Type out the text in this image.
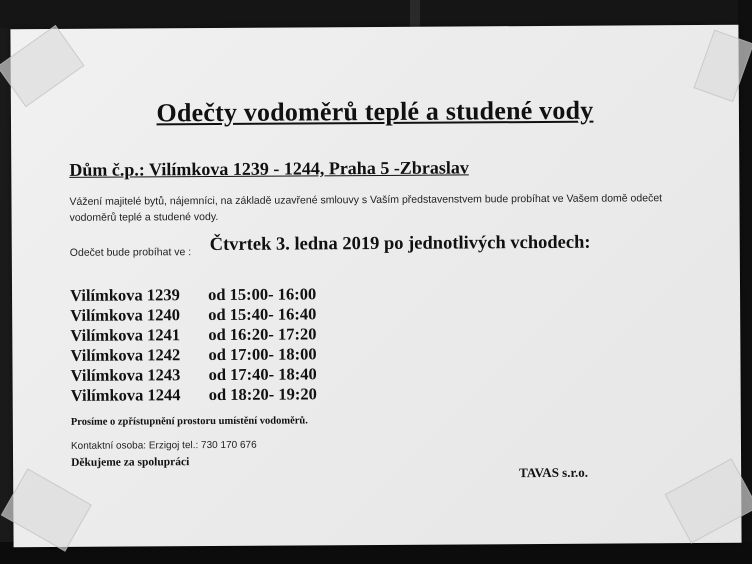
Odečty vodoměrů teplé a studené vody
Dům č.p.: Vilímkova 1239 - 1244, Praha 5 -Zbraslav
Vážení majitelé bytů, nájemníci, na základě uzavřené smlouvy s Vaším představenstvem bude probíhat ve Vašem domě odečet vodoměrů teplé a studené vody.
Odečet bude probíhat ve : Čtvrtek 3. ledna 2019 po jednotlivých vchodech:
Vilímkova 1239 od 15:00- 16:00
Vilímkova 1240 od 15:40- 16:40
Vilímkova 1241 od 16:20- 17:20
Vilímkova 1242 od 17:00- 18:00
Vilímkova 1243 od 17:40- 18:40
Vilímkova 1244 od 18:20- 19:20
Prosíme o zpřístupnění prostoru umístění vodoměrů.
Kontaktní osoba: Erzigoj tel.: 730 170 676
Děkujeme za spolupráci
TAVAS s.r.o.
